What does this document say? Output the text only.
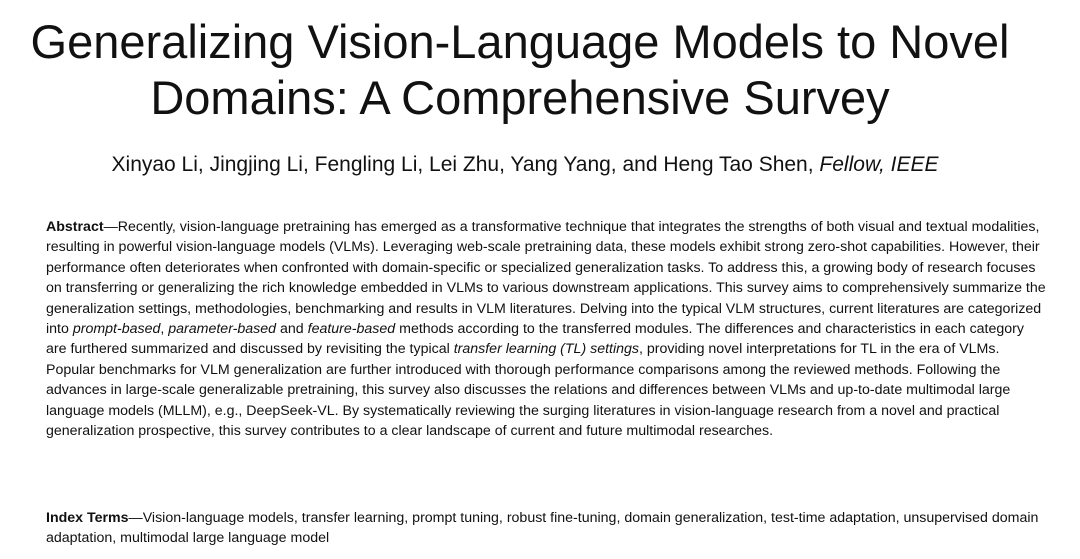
Generalizing Vision-Language Models to Novel
Domains: A Comprehensive Survey

Xinyao Li, Jingjing Li, Fengling Li, Lei Zhu, Yang Yang, and Heng Tao Shen, Fellow, IEEE

Abstract—Recently, vision-language pretraining has emerged as a transformative technique that integrates the strengths of both visual and textual modalities, resulting in powerful vision-language models (VLMs). Leveraging web-scale pretraining data, these models exhibit strong zero-shot capabilities. However, their performance often deteriorates when confronted with domain-specific or specialized generalization tasks. To address this, a growing body of research focuses on transferring or generalizing the rich knowledge embedded in VLMs to various downstream applications. This survey aims to comprehensively summarize the generalization settings, methodologies, benchmarking and results in VLM literatures. Delving into the typical VLM structures, current literatures are categorized into prompt-based, parameter-based and feature-based methods according to the transferred modules. The differences and characteristics in each category are furthered summarized and discussed by revisiting the typical transfer learning (TL) settings, providing novel interpretations for TL in the era of VLMs. Popular benchmarks for VLM generalization are further introduced with thorough performance comparisons among the reviewed methods. Following the advances in large-scale generalizable pretraining, this survey also discusses the relations and differences between VLMs and up-to-date multimodal large language models (MLLM), e.g., DeepSeek-VL. By systematically reviewing the surging literatures in vision-language research from a novel and practical generalization prospective, this survey contributes to a clear landscape of current and future multimodal researches.

Index Terms—Vision-language models, transfer learning, prompt tuning, robust fine-tuning, domain generalization, test-time adaptation, unsupervised domain adaptation, multimodal large language model
